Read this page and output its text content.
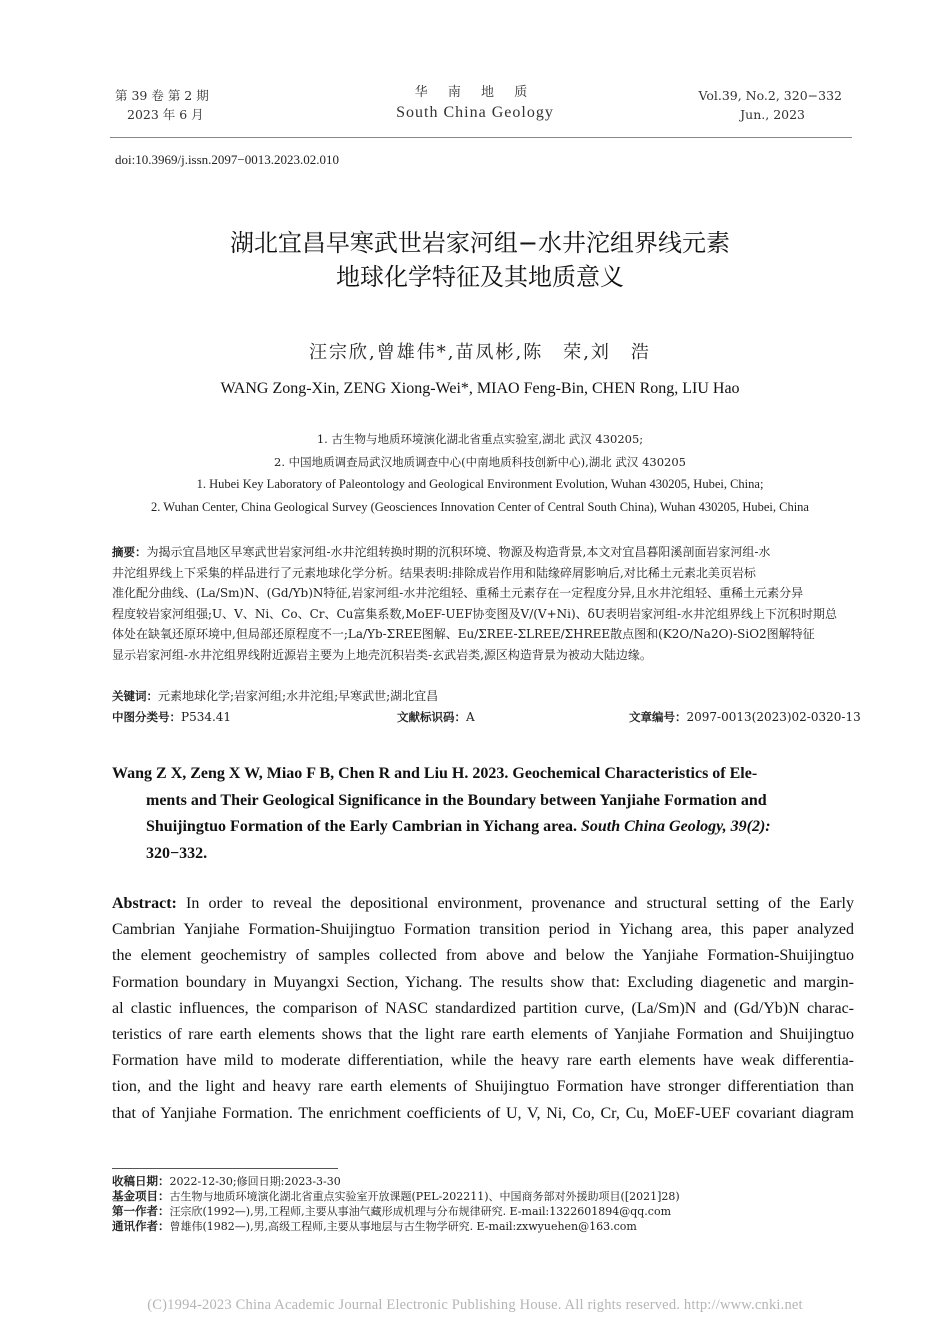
第 39 卷 第 2 期
2023 年 6 月
华 南 地 质
South China Geology
Vol.39, No.2, 320−332
Jun., 2023
doi:10.3969/j.issn.2097−0013.2023.02.010
湖北宜昌早寒武世岩家河组−水井沱组界线元素
地球化学特征及其地质意义
汪宗欣,曾雄伟*,苗凤彬,陈　荣,刘　浩
WANG Zong-Xin, ZENG Xiong-Wei*, MIAO Feng-Bin, CHEN Rong, LIU Hao
1. 古生物与地质环境演化湖北省重点实验室,湖北 武汉 430205;
2. 中国地质调查局武汉地质调查中心(中南地质科技创新中心),湖北 武汉 430205
1. Hubei Key Laboratory of Paleontology and Geological Environment Evolution, Wuhan 430205, Hubei, China;
2. Wuhan Center, China Geological Survey (Geosciences Innovation Center of Central South China), Wuhan 430205, Hubei, China
摘要：为揭示宜昌地区早寒武世岩家河组-水井沱组转换时期的沉积环境、物源及构造背景,本文对宜昌暮阳溪剖面岩家河组-水
井沱组界线上下采集的样品进行了元素地球化学分析。结果表明:排除成岩作用和陆缘碎屑影响后,对比稀土元素北美页岩标
准化配分曲线、(La/Sm)N、(Gd/Yb)N特征,岩家河组-水井沱组轻、重稀土元素存在一定程度分异,且水井沱组轻、重稀土元素分异
程度较岩家河组强;U、V、Ni、Co、Cr、Cu富集系数,MoEF-UEF协变图及V/(V+Ni)、δU表明岩家河组-水井沱组界线上下沉积时期总
体处在缺氧还原环境中,但局部还原程度不一;La/Yb-ΣREE图解、Eu/ΣREE-ΣLREE/ΣHREE散点图和(K2O/Na2O)-SiO2图解特征
显示岩家河组-水井沱组界线附近源岩主要为上地壳沉积岩类-玄武岩类,源区构造背景为被动大陆边缘。
关键词：元素地球化学;岩家河组;水井沱组;早寒武世;湖北宜昌
中图分类号：P534.41	文献标识码：A	文章编号：2097-0013(2023)02-0320-13
Wang Z X, Zeng X W, Miao F B, Chen R and Liu H. 2023. Geochemical Characteristics of Ele-
ments and Their Geological Significance in the Boundary between Yanjiahe Formation and
Shuijingtuo Formation of the Early Cambrian in Yichang area. South China Geology, 39(2):
320−332.
Abstract: In order to reveal the depositional environment, provenance and structural setting of the Early
Cambrian Yanjiahe Formation-Shuijingtuo Formation transition period in Yichang area, this paper analyzed
the element geochemistry of samples collected from above and below the Yanjiahe Formation-Shuijingtuo
Formation boundary in Muyangxi Section, Yichang. The results show that: Excluding diagenetic and margin-
al clastic influences, the comparison of NASC standardized partition curve, (La/Sm)N and (Gd/Yb)N charac-
teristics of rare earth elements shows that the light rare earth elements of Yanjiahe Formation and Shuijingtuo
Formation have mild to moderate differentiation, while the heavy rare earth elements have weak differentia-
tion, and the light and heavy rare earth elements of Shuijingtuo Formation have stronger differentiation than
that of Yanjiahe Formation. The enrichment coefficients of U, V, Ni, Co, Cr, Cu, MoEF-UEF covariant diagram
收稿日期：2022-12-30;修回日期:2023-3-30
基金项目：古生物与地质环境演化湖北省重点实验室开放课题(PEL-202211)、中国商务部对外援助项目([2021]28)
第一作者：汪宗欣(1992—),男,工程师,主要从事油气藏形成机理与分布规律研究. E-mail:1322601894@qq.com
通讯作者：曾雄伟(1982—),男,高级工程师,主要从事地层与古生物学研究. E-mail:zxwyuehen@163.com
(C)1994-2023 China Academic Journal Electronic Publishing House. All rights reserved. http://www.cnki.net
